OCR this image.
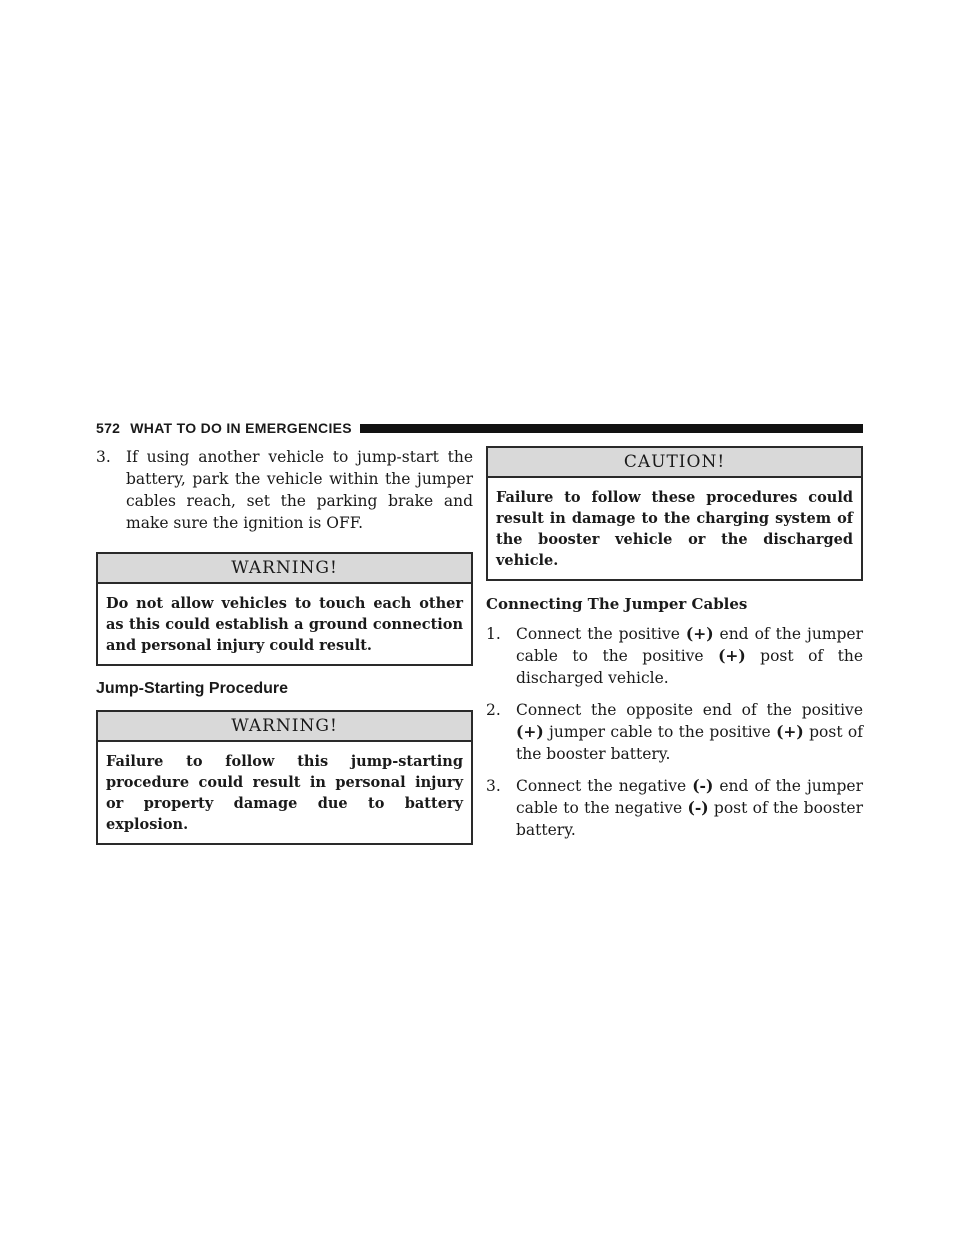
572 WHAT TO DO IN EMERGENCIES

3. If using another vehicle to jump-start the battery, park the vehicle within the jumper cables reach, set the parking brake and make sure the ignition is OFF.

WARNING!
Do not allow vehicles to touch each other as this could establish a ground connection and personal injury could result.
Jump-Starting Procedure
WARNING!
Failure to follow this jump-starting procedure could result in personal injury or property damage due to battery explosion.
CAUTION!
Failure to follow these procedures could result in damage to the charging system of the booster vehicle or the discharged vehicle.
Connecting The Jumper Cables

1. Connect the positive (+) end of the jumper cable to the positive (+) post of the discharged vehicle.

2. Connect the opposite end of the positive (+) jumper cable to the positive (+) post of the booster battery.

3. Connect the negative (-) end of the jumper cable to the negative (-) post of the booster battery.
